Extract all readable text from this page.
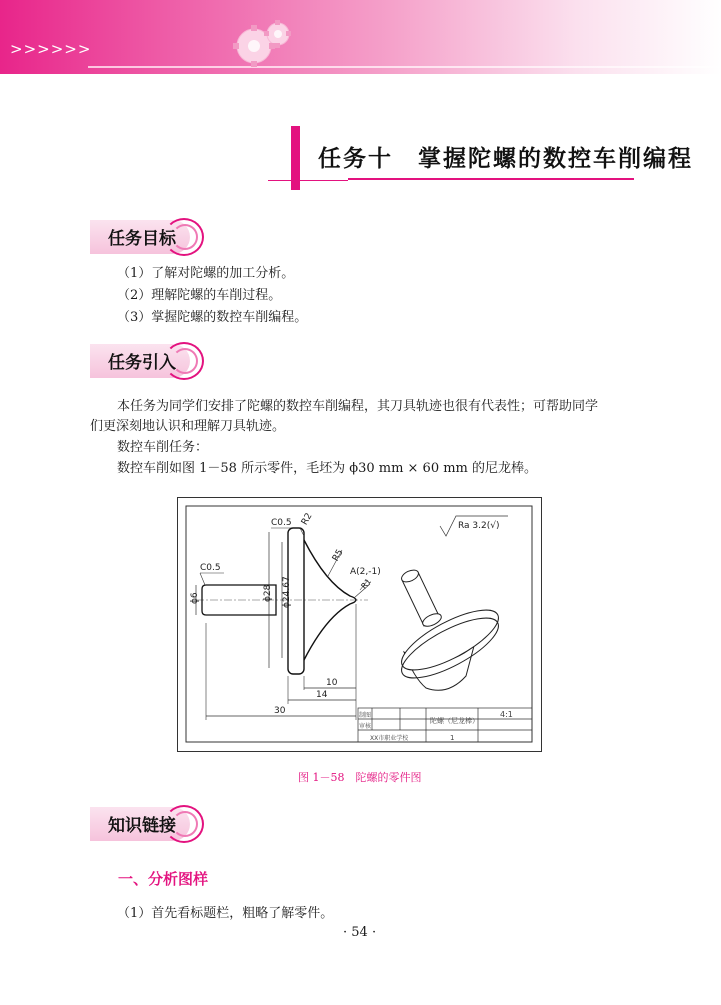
>>>>>>
任务十　掌握陀螺的数控车削编程
任务目标
（1）了解对陀螺的加工分析。
（2）理解陀螺的车削过程。
（3）掌握陀螺的数控车削编程。
任务引入
本任务为同学们安排了陀螺的数控车削编程，其刀具轨迹也很有代表性；可帮助同学
们更深刻地认识和理解刀具轨迹。
数控车削任务：
数控车削如图 1－58 所示零件，毛坯为 ϕ30 mm × 60 mm 的尼龙棒。
C0.5 R2
R5
A(2,-1)
R1
C0.5
ϕ6	ϕ28 ϕ24.67
10
14
30
Ra 3.2(√)
制图
审核
陀螺（尼龙棒）
4:1
XX市职业学校	1
图 1－58　陀螺的零件图
知识链接
一、分析图样
（1）首先看标题栏，粗略了解零件。
· 54 ·
